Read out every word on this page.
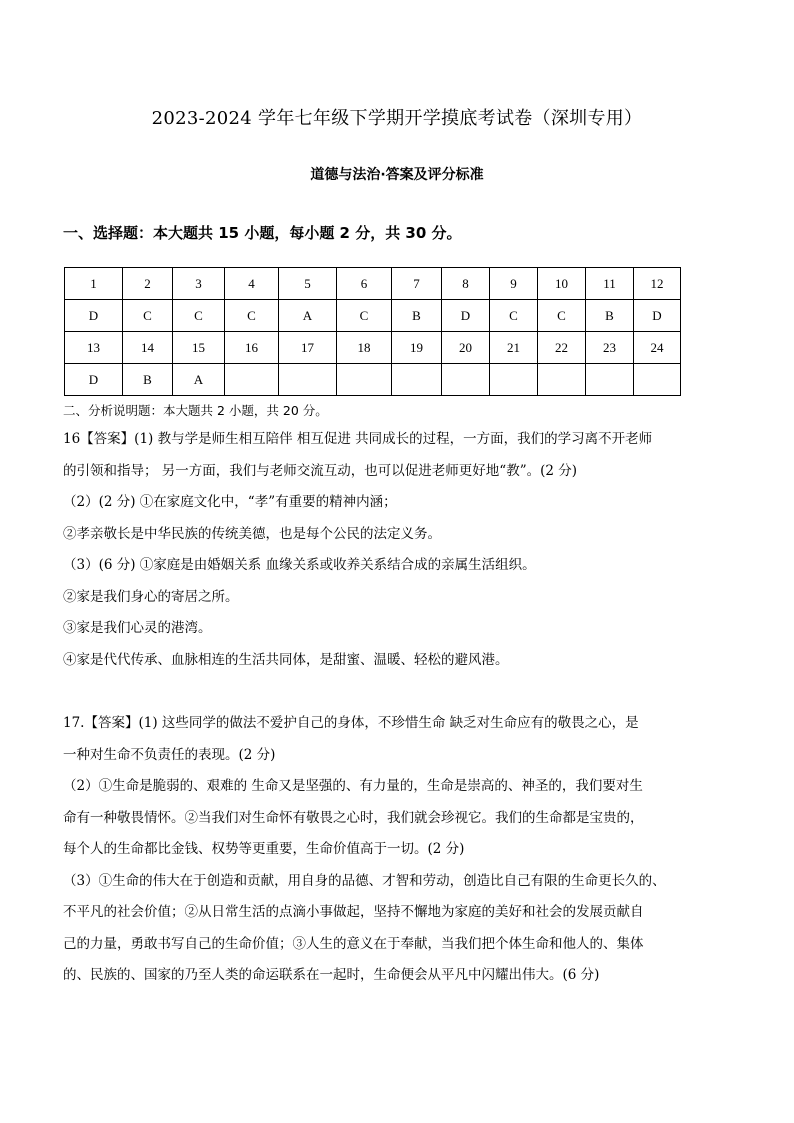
2023-2024 学年七年级下学期开学摸底考试卷（深圳专用）
道德与法治·答案及评分标准
一、选择题：本大题共 15 小题，每小题 2 分，共 30 分。
1	2	3	4	5	6	7	8	9	10	11	12
D	C	C	C	A	C	B	D	C	C	B	D
13	14	15	16	17	18	19	20	21	22	23	24
D	B	A									
二、分析说明题：本大题共 2 小题，共 20 分。
16【答案】(1) 教与学是师生相互陪伴 相互促进 共同成长的过程，一方面，我们的学习离不开老师
的引领和指导； 另一方面，我们与老师交流互动，也可以促进老师更好地“教”。(2 分)
（2）(2 分) ①在家庭文化中，“孝”有重要的精神内涵；
②孝亲敬长是中华民族的传统美德，也是每个公民的法定义务。
（3）(6 分) ①家庭是由婚姻关系 血缘关系或收养关系结合成的亲属生活组织。
②家是我们身心的寄居之所。
③家是我们心灵的港湾。
④家是代代传承、血脉相连的生活共同体，是甜蜜、温暖、轻松的避风港。
17.【答案】(1) 这些同学的做法不爱护自己的身体，不珍惜生命 缺乏对生命应有的敬畏之心，是
一种对生命不负责任的表现。(2 分)
（2）①生命是脆弱的、艰难的 生命又是坚强的、有力量的，生命是崇高的、神圣的，我们要对生
命有一种敬畏情怀。②当我们对生命怀有敬畏之心时，我们就会珍视它。我们的生命都是宝贵的，
每个人的生命都比金钱、权势等更重要，生命价值高于一切。(2 分)
（3）①生命的伟大在于创造和贡献，用自身的品德、才智和劳动，创造比自己有限的生命更长久的、
不平凡的社会价值；②从日常生活的点滴小事做起，坚持不懈地为家庭的美好和社会的发展贡献自
己的力量，勇敢书写自己的生命价值；③人生的意义在于奉献，当我们把个体生命和他人的、集体
的、民族的、国家的乃至人类的命运联系在一起时，生命便会从平凡中闪耀出伟大。(6 分)
